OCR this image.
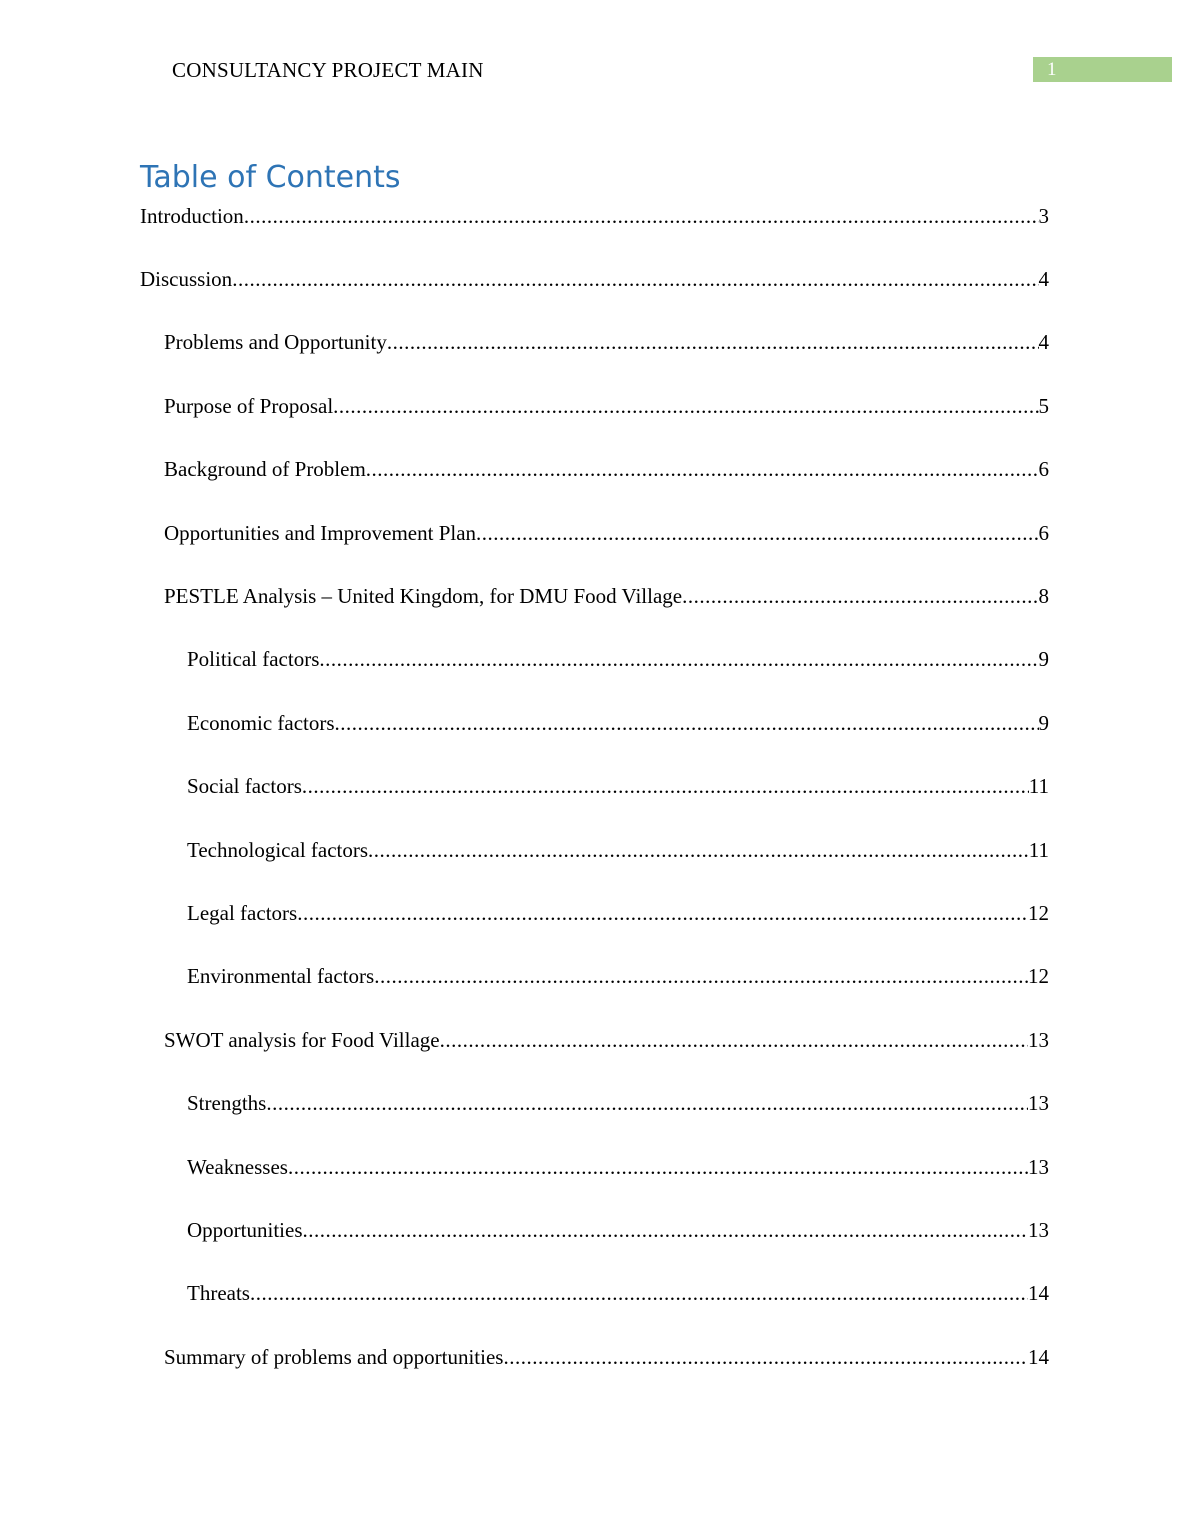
CONSULTANCY PROJECT MAIN	1
Table of Contents
Introduction .....	3
Discussion .....	4
Problems and Opportunity .....	4
Purpose of Proposal .....	5
Background of Problem .....	6
Opportunities and Improvement Plan .....	6
PESTLE Analysis – United Kingdom, for DMU Food Village .....	8
Political factors .....	9
Economic factors .....	9
Social factors .....	11
Technological factors .....	11
Legal factors .....	12
Environmental factors .....	12
SWOT analysis for Food Village .....	13
Strengths .....	13
Weaknesses .....	13
Opportunities .....	13
Threats .....	14
Summary of problems and opportunities .....	14
